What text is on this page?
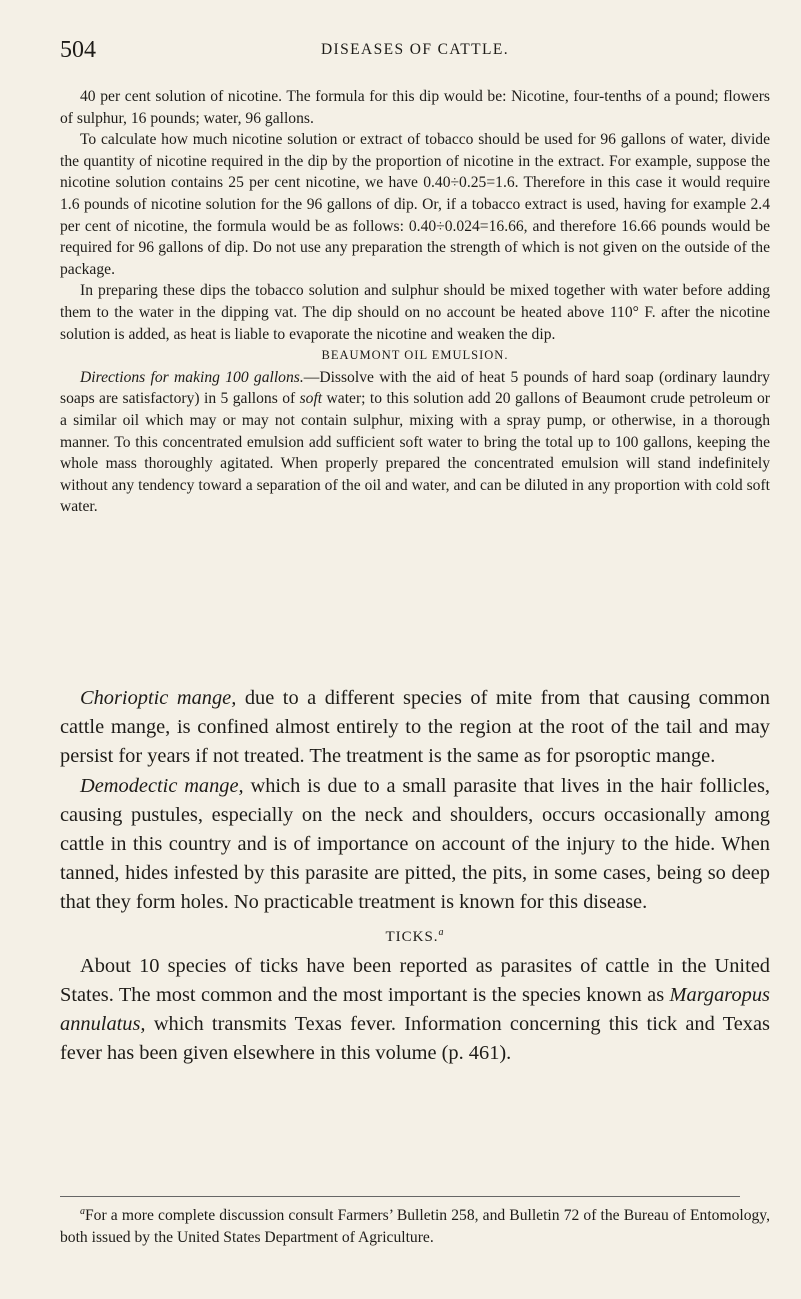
504	DISEASES OF CATTLE.

40 per cent solution of nicotine. The formula for this dip would be: Nicotine, four-tenths of a pound; flowers of sulphur, 16 pounds; water, 96 gallons.

To calculate how much nicotine solution or extract of tobacco should be used for 96 gallons of water, divide the quantity of nicotine required in the dip by the proportion of nicotine in the extract. For example, suppose the nicotine solution contains 25 per cent nicotine, we have 0.40÷0.25=1.6. Therefore in this case it would require 1.6 pounds of nicotine solution for the 96 gallons of dip. Or, if a tobacco extract is used, having for example 2.4 per cent of nicotine, the formula would be as follows: 0.40÷0.024=16.66, and therefore 16.66 pounds would be required for 96 gallons of dip. Do not use any preparation the strength of which is not given on the outside of the package.

In preparing these dips the tobacco solution and sulphur should be mixed together with water before adding them to the water in the dipping vat. The dip should on no account be heated above 110° F. after the nicotine solution is added, as heat is liable to evaporate the nicotine and weaken the dip.

BEAUMONT OIL EMULSION.

Directions for making 100 gallons.—Dissolve with the aid of heat 5 pounds of hard soap (ordinary laundry soaps are satisfactory) in 5 gallons of soft water; to this solution add 20 gallons of Beaumont crude petroleum or a similar oil which may or may not contain sulphur, mixing with a spray pump, or otherwise, in a thorough manner. To this concentrated emulsion add sufficient soft water to bring the total up to 100 gallons, keeping the whole mass thoroughly agitated. When properly prepared the concentrated emulsion will stand indefinitely without any tendency toward a separation of the oil and water, and can be diluted in any proportion with cold soft water.

Chorioptic mange, due to a different species of mite from that causing common cattle mange, is confined almost entirely to the region at the root of the tail and may persist for years if not treated. The treatment is the same as for psoroptic mange.

Demodectic mange, which is due to a small parasite that lives in the hair follicles, causing pustules, especially on the neck and shoulders, occurs occasionally among cattle in this country and is of importance on account of the injury to the hide. When tanned, hides infested by this parasite are pitted, the pits, in some cases, being so deep that they form holes. No practicable treatment is known for this disease.

TICKS.$^a$

About 10 species of ticks have been reported as parasites of cattle in the United States. The most common and the most important is the species known as Margaropus annulatus, which transmits Texas fever. Information concerning this tick and Texas fever has been given elsewhere in this volume (p. 461).

$^a$For a more complete discussion consult Farmers’ Bulletin 258, and Bulletin 72 of the Bureau of Entomology, both issued by the United States Department of Agriculture.
